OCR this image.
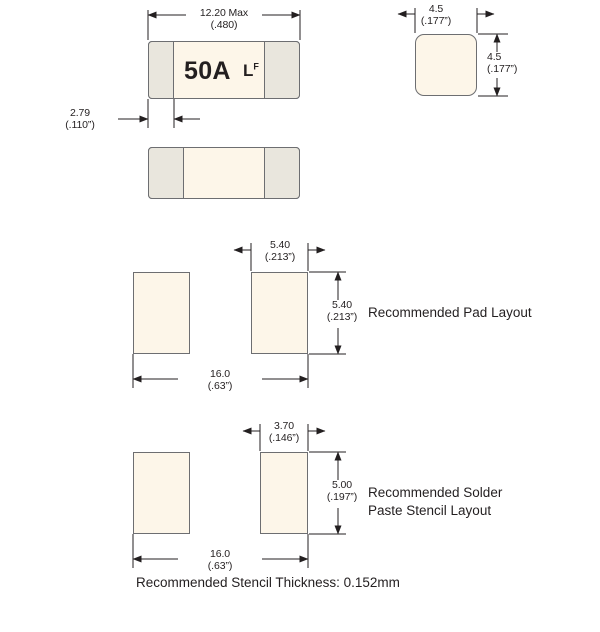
50A $L^F$
12.20 Max
(.480)
2.79
(.110”)
4.5
(.177”)
4.5
(.177”)
5.40
(.213”)
5.40
(.213”)
16.0
(.63”)
3.70
(.146”)
5.00
(.197”)
16.0
(.63”)
Recommended Pad Layout
Recommended Solder
Paste Stencil Layout
Recommended Stencil Thickness: 0.152mm
